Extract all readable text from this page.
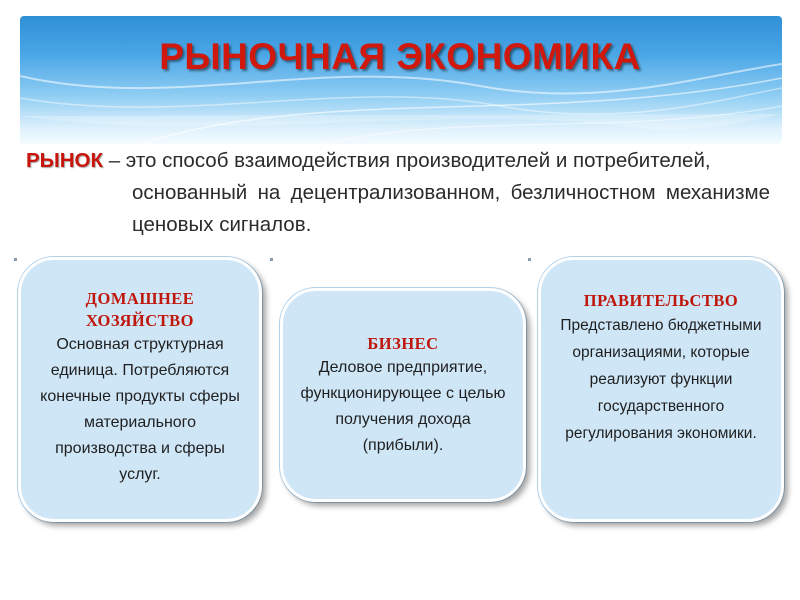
РЫНОЧНАЯ ЭКОНОМИКА
РЫНОК – это способ взаимодействия производителей и потребителей,
основанный на децентрализованном, безличностном механизме ценовых сигналов.
ДОМАШНЕЕ ХОЗЯЙСТВО
Основная структурная единица. Потребляются конечные продукты сферы материального производства и сферы услуг.
БИЗНЕС
Деловое предприятие, функционирующее с целью получения дохода (прибыли).
ПРАВИТЕЛЬСТВО
Представлено бюджетными организациями, которые реализуют функции государственного регулирования экономики.
